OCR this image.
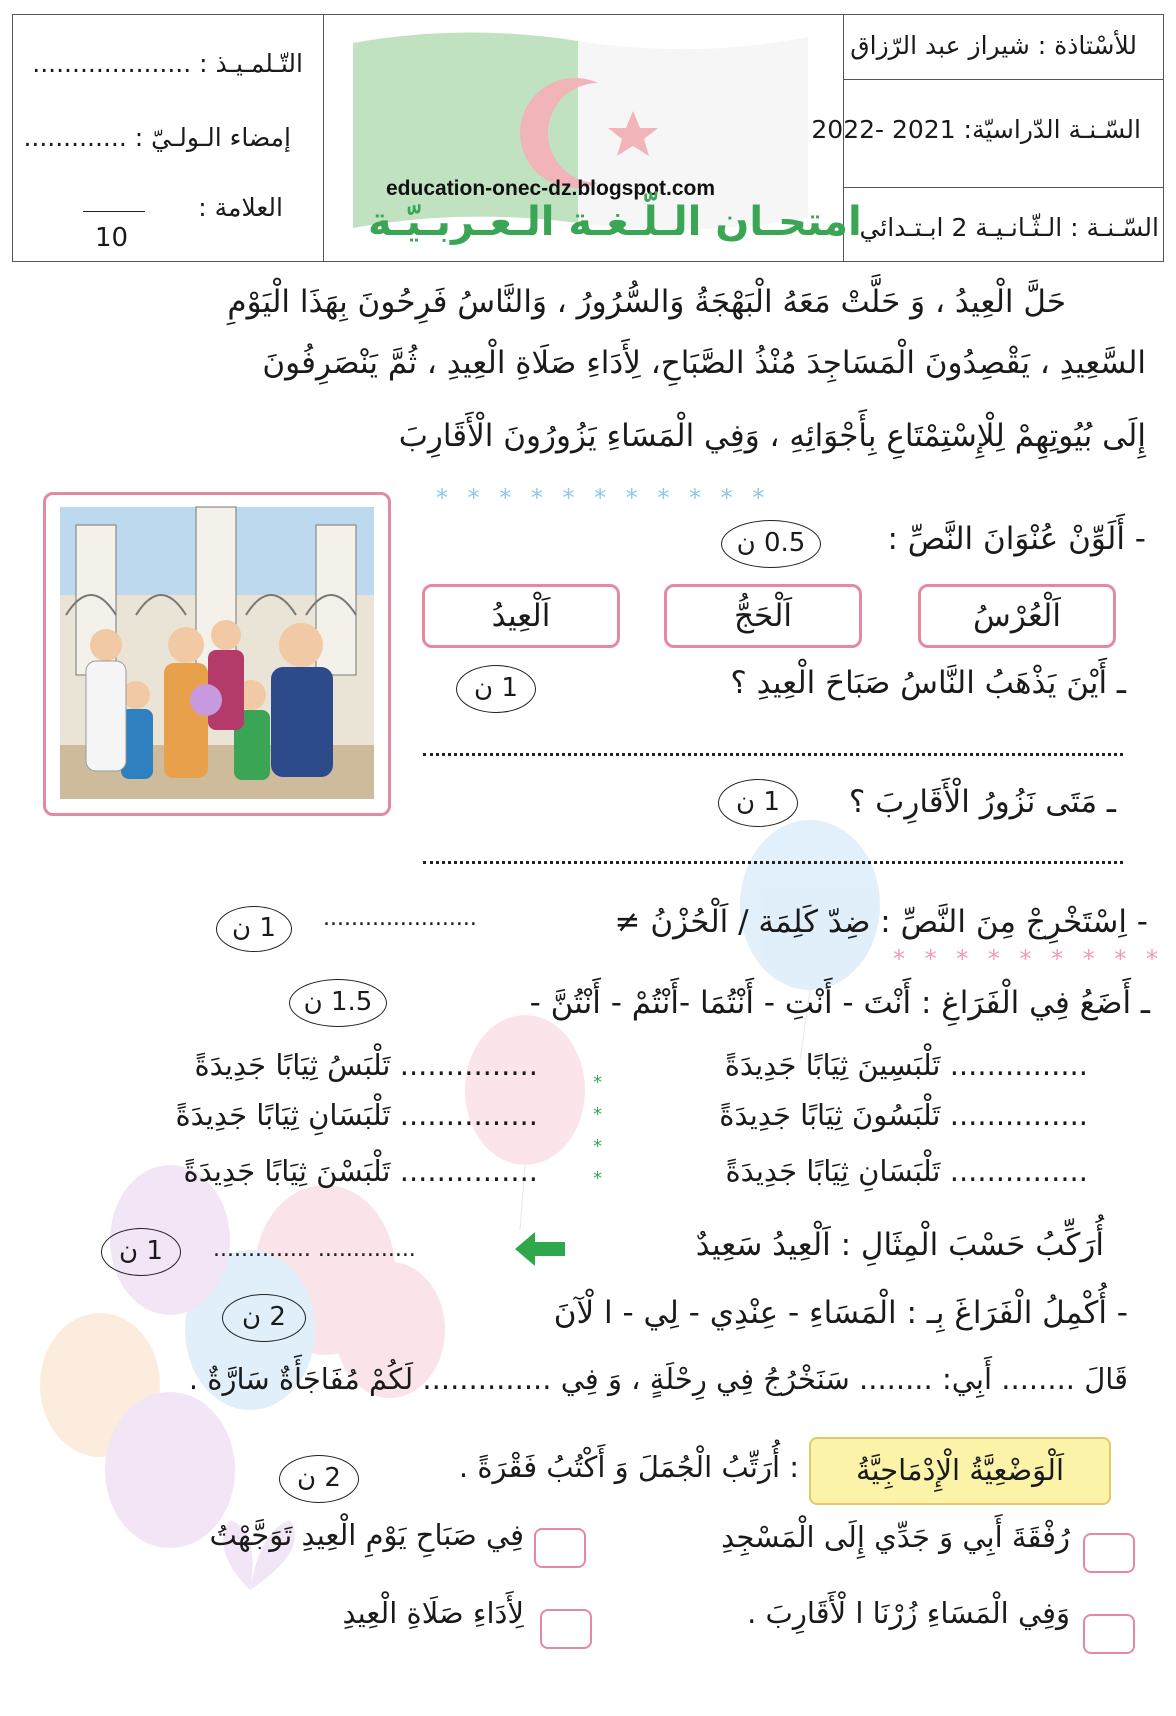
التّـلمـيـذ : ....................
إمضاء الـولـيّ : .............
العلامة :
10
education-onec-dz.blogspot.com
امتحـان الـلّـغـة الـعـربـيّـة
للأسْتاذة : شيراز عبد الرّزاق
السّـنـة الدّراسيّة: 2021 -2022
السّـنـة : الـثّـانـيـة 2 ابـتـدائي
حَلَّ الْعِيدُ ، وَ حَلَّتْ مَعَهُ الْبَهْجَةُ وَالسُّرُورُ ، وَالنَّاسُ فَرِحُونَ بِهَذَا الْيَوْمِ
السَّعِيدِ ، يَقْصِدُونَ الْمَسَاجِدَ مُنْذُ الصَّبَاحِ، لِأَدَاءِ صَلَاةِ الْعِيدِ ، ثُمَّ يَنْصَرِفُونَ
إِلَى بُيُوتِهِمْ لِلْإِسْتِمْتَاعِ بِأَجْوَائِهِ ، وَفِي الْمَسَاءِ يَزُورُونَ الْأَقَارِبَ
* * * * * * * * * * *
- أَلَوِّنْ عُنْوَانَ النَّصِّ :
0.5 ن
اَلْعُرْسُ
اَلْحَجُّ
اَلْعِيدُ
ـ أَيْنَ يَذْهَبُ النَّاسُ صَبَاحَ الْعِيدِ ؟
1 ن
ـ مَتَى نَزُورُ الْأَقَارِبَ ؟
1 ن
- اِسْتَخْرِجْ مِنَ النَّصِّ : ضِدّ كَلِمَة / اَلْحُزْنُ ≠
......................
1 ن
* * * * * * * * *
ـ أَضَعُ فِي الْفَرَاغِ : أَنْتَ - أَنْتِ - أَنْتُمَا -أَنْتُمْ - أَنْتُنَّ -
1.5 ن
............... تَلْبَسِينَ ثِيَابًا جَدِيدَةً
............... تَلْبَسُونَ ثِيَابًا جَدِيدَةً
............... تَلْبَسَانِ ثِيَابًا جَدِيدَةً
............... تَلْبَسُ ثِيَابًا جَدِيدَةً
............... تَلْبَسَانِ ثِيَابًا جَدِيدَةً
............... تَلْبَسْنَ ثِيَابًا جَدِيدَةً
*
*
*
*
أُرَكِّبُ حَسْبَ الْمِثَالِ : اَلْعِيدُ سَعِيدٌ
.............. ..............
1 ن
- أُكْمِلُ الْفَرَاغَ بِـ : الْمَسَاءِ - عِنْدِي - لِي - ا لْآنَ
2 ن
قَالَ ........ أَبِي: ........ سَنَخْرُجُ فِي رِحْلَةٍ ، وَ فِي .............. لَكُمْ مُفَاجَأَةٌ سَارَّةٌ .
اَلْوَضْعِيَّةُ الْإِدْمَاجِيَّةُ
: أُرَتِّبُ الْجُمَلَ وَ أَكْتُبُ فَقْرَةً .
2 ن
رُفْقَةَ أَبِي وَ جَدِّي إِلَى الْمَسْجِدِ
فِي صَبَاحِ يَوْمِ الْعِيدِ تَوَجَّهْتُ
وَفِي الْمَسَاءِ زُرْنَا ا لْأَقَارِبَ .
لِأَدَاءِ صَلَاةِ الْعِيدِ
